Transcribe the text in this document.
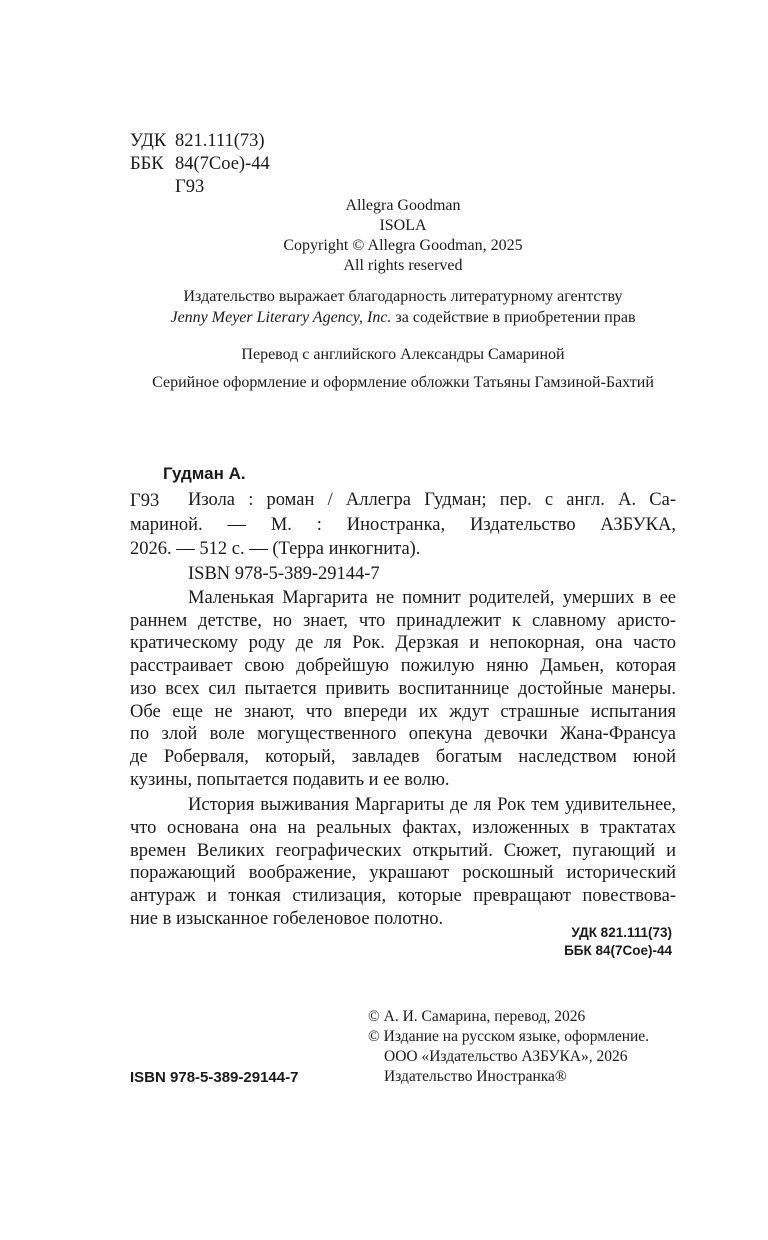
УДК 821.111(73)
ББК 84(7Сое)-44
Г93
Allegra Goodman
ISOLA
Copyright © Allegra Goodman, 2025
All rights reserved
Издательство выражает благодарность литературному агентству
Jenny Meyer Literary Agency, Inc. за содействие в приобретении прав
Перевод с английского Александры Самариной
Серийное оформление и оформление обложки Татьяны Гамзиной-Бахтий
Гудман А.
Г93 Изола : роман / Аллегра Гудман; пер. с англ. А. Са-
мариной. — М. : Иностранка, Издательство АЗБУКА,
2026. — 512 с. — (Терра инкогнита).
ISBN 978-5-389-29144-7
Маленькая Маргарита не помнит родителей, умерших в ее
раннем детстве, но знает, что принадлежит к славному аристо-
кратическому роду де ля Рок. Дерзкая и непокорная, она часто
расстраивает свою добрейшую пожилую няню Дамьен, которая
изо всех сил пытается привить воспитаннице достойные манеры.
Обе еще не знают, что впереди их ждут страшные испытания
по злой воле могущественного опекуна девочки Жана-Франсуа
де Роберваля, который, завладев богатым наследством юной
кузины, попытается подавить и ее волю.
История выживания Маргариты де ля Рок тем удивительнее,
что основана она на реальных фактах, изложенных в трактатах
времен Великих географических открытий. Сюжет, пугающий и
поражающий воображение, украшают роскошный исторический
антураж и тонкая стилизация, которые превращают повествова-
ние в изысканное гобеленовое полотно.
УДК 821.111(73)
ББК 84(7Сое)-44
© А. И. Самарина, перевод, 2026
© Издание на русском языке, оформление.
ООО «Издательство АЗБУКА», 2026
Издательство Иностранка®
ISBN 978-5-389-29144-7
